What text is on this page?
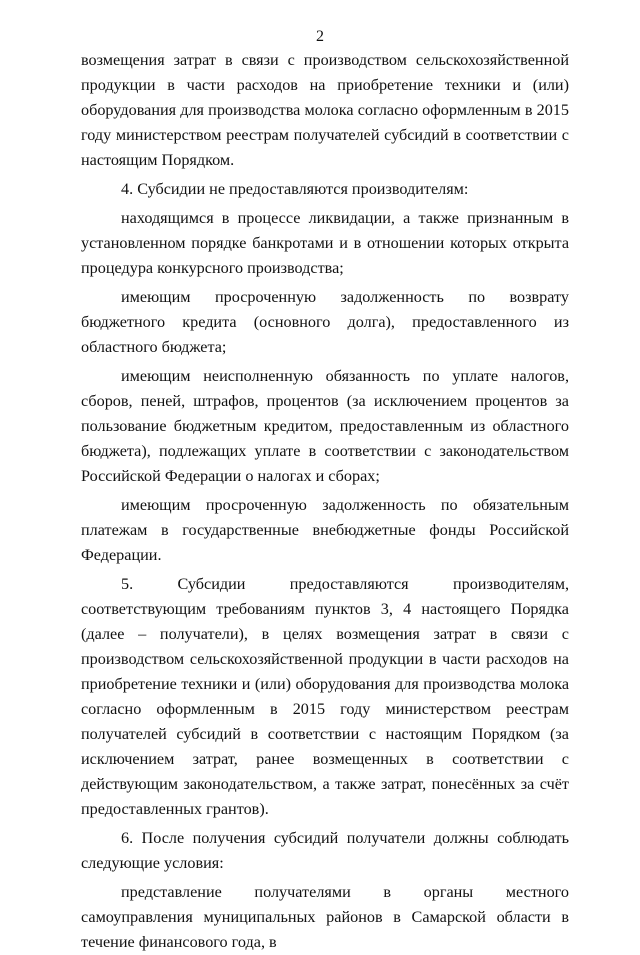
2

возмещения затрат в связи с производством сельскохозяйственной продукции в части расходов на приобретение техники и (или) оборудования для производства молока согласно оформленным в 2015 году министерством реестрам получателей субсидий в соответствии с настоящим Порядком.

4. Субсидии не предоставляются производителям:

находящимся в процессе ликвидации, а также признанным в установленном порядке банкротами и в отношении которых открыта процедура конкурсного производства;

имеющим просроченную задолженность по возврату бюджетного кредита (основного долга), предоставленного из областного бюджета;

имеющим неисполненную обязанность по уплате налогов, сборов, пеней, штрафов, процентов (за исключением процентов за пользование бюджетным кредитом, предоставленным из областного бюджета), подлежащих уплате в соответствии с законодательством Российской Федерации о налогах и сборах;

имеющим просроченную задолженность по обязательным платежам в государственные внебюджетные фонды Российской Федерации.

5. Субсидии предоставляются производителям, соответствующим требованиям пунктов 3, 4 настоящего Порядка (далее – получатели), в целях возмещения затрат в связи с производством сельскохозяйственной продукции в части расходов на приобретение техники и (или) оборудования для производства молока согласно оформленным в 2015 году министерством реестрам получателей субсидий в соответствии с настоящим Порядком (за исключением затрат, ранее возмещенных в соответствии с действующим законодательством, а также затрат, понесённых за счёт предоставленных грантов).

6. После получения субсидий получатели должны соблюдать следующие условия:

представление получателями в органы местного самоуправления муниципальных районов в Самарской области в течение финансового года, в
